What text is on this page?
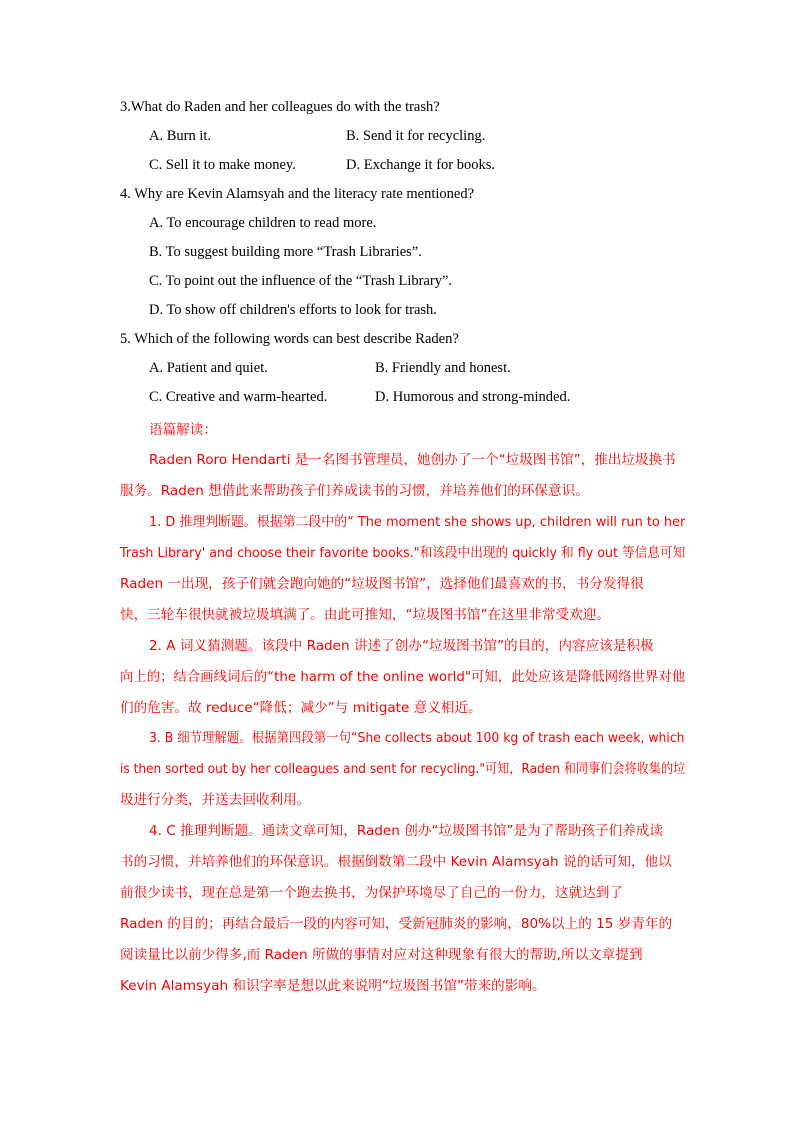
3.What do Raden and her colleagues do with the trash?
A. Burn it.	B. Send it for recycling.
C. Sell it to make money.	D. Exchange it for books.
4. Why are Kevin Alamsyah and the literacy rate mentioned?
A. To encourage children to read more.
B. To suggest building more “Trash Libraries”.
C. To point out the influence of the “Trash Library”.
D. To show off children's efforts to look for trash.
5. Which of the following words can best describe Raden?
A. Patient and quiet.	B. Friendly and honest.
C. Creative and warm-hearted.	D. Humorous and strong-minded.
语篇解读：
Raden Roro Hendarti 是一名图书管理员，她创办了一个“垃圾图书馆”，推出垃圾换书
服务。Raden 想借此来帮助孩子们养成读书的习惯，并培养他们的环保意识。
1. D 推理判断题。根据第二段中的“ The moment she shows up, children will run to her
Trash Library' and choose their favorite books."和该段中出现的 quickly 和 fly out 等信息可知
Raden 一出现，孩子们就会跑向她的“垃圾图书馆”，选择他们最喜欢的书，书分发得很
快，三轮车很快就被垃圾填满了。由此可推知，“垃圾图书馆”在这里非常受欢迎。
2. A 词义猜测题。该段中 Raden 讲述了创办“垃圾图书馆”的目的，内容应该是积极
向上的；结合画线词后的“the harm of the online world"可知，此处应该是降低网络世界对他
们的危害。故 reduce“降低；减少”与 mitigate 意义相近。
3. B 细节理解题。根据第四段第一句“She collects about 100 kg of trash each week, which
is then sorted out by her colleagues and sent for recycling."可知，Raden 和同事们会将收集的垃
圾进行分类，并送去回收利用。
4. C 推理判断题。通读文章可知，Raden 创办“垃圾图书馆”是为了帮助孩子们养成读
书的习惯，并培养他们的环保意识。根据倒数第二段中 Kevin Alamsyah 说的话可知，他以
前很少读书，现在总是第一个跑去换书，为保护环境尽了自己的一份力，这就达到了
Raden 的目的；再结合最后一段的内容可知，受新冠肺炎的影响，80%以上的 15 岁青年的
阅读量比以前少得多,而 Raden 所做的事情对应对这种现象有很大的帮助,所以文章提到
Kevin Alamsyah 和识字率是想以此来说明“垃圾图书馆”带来的影响。
